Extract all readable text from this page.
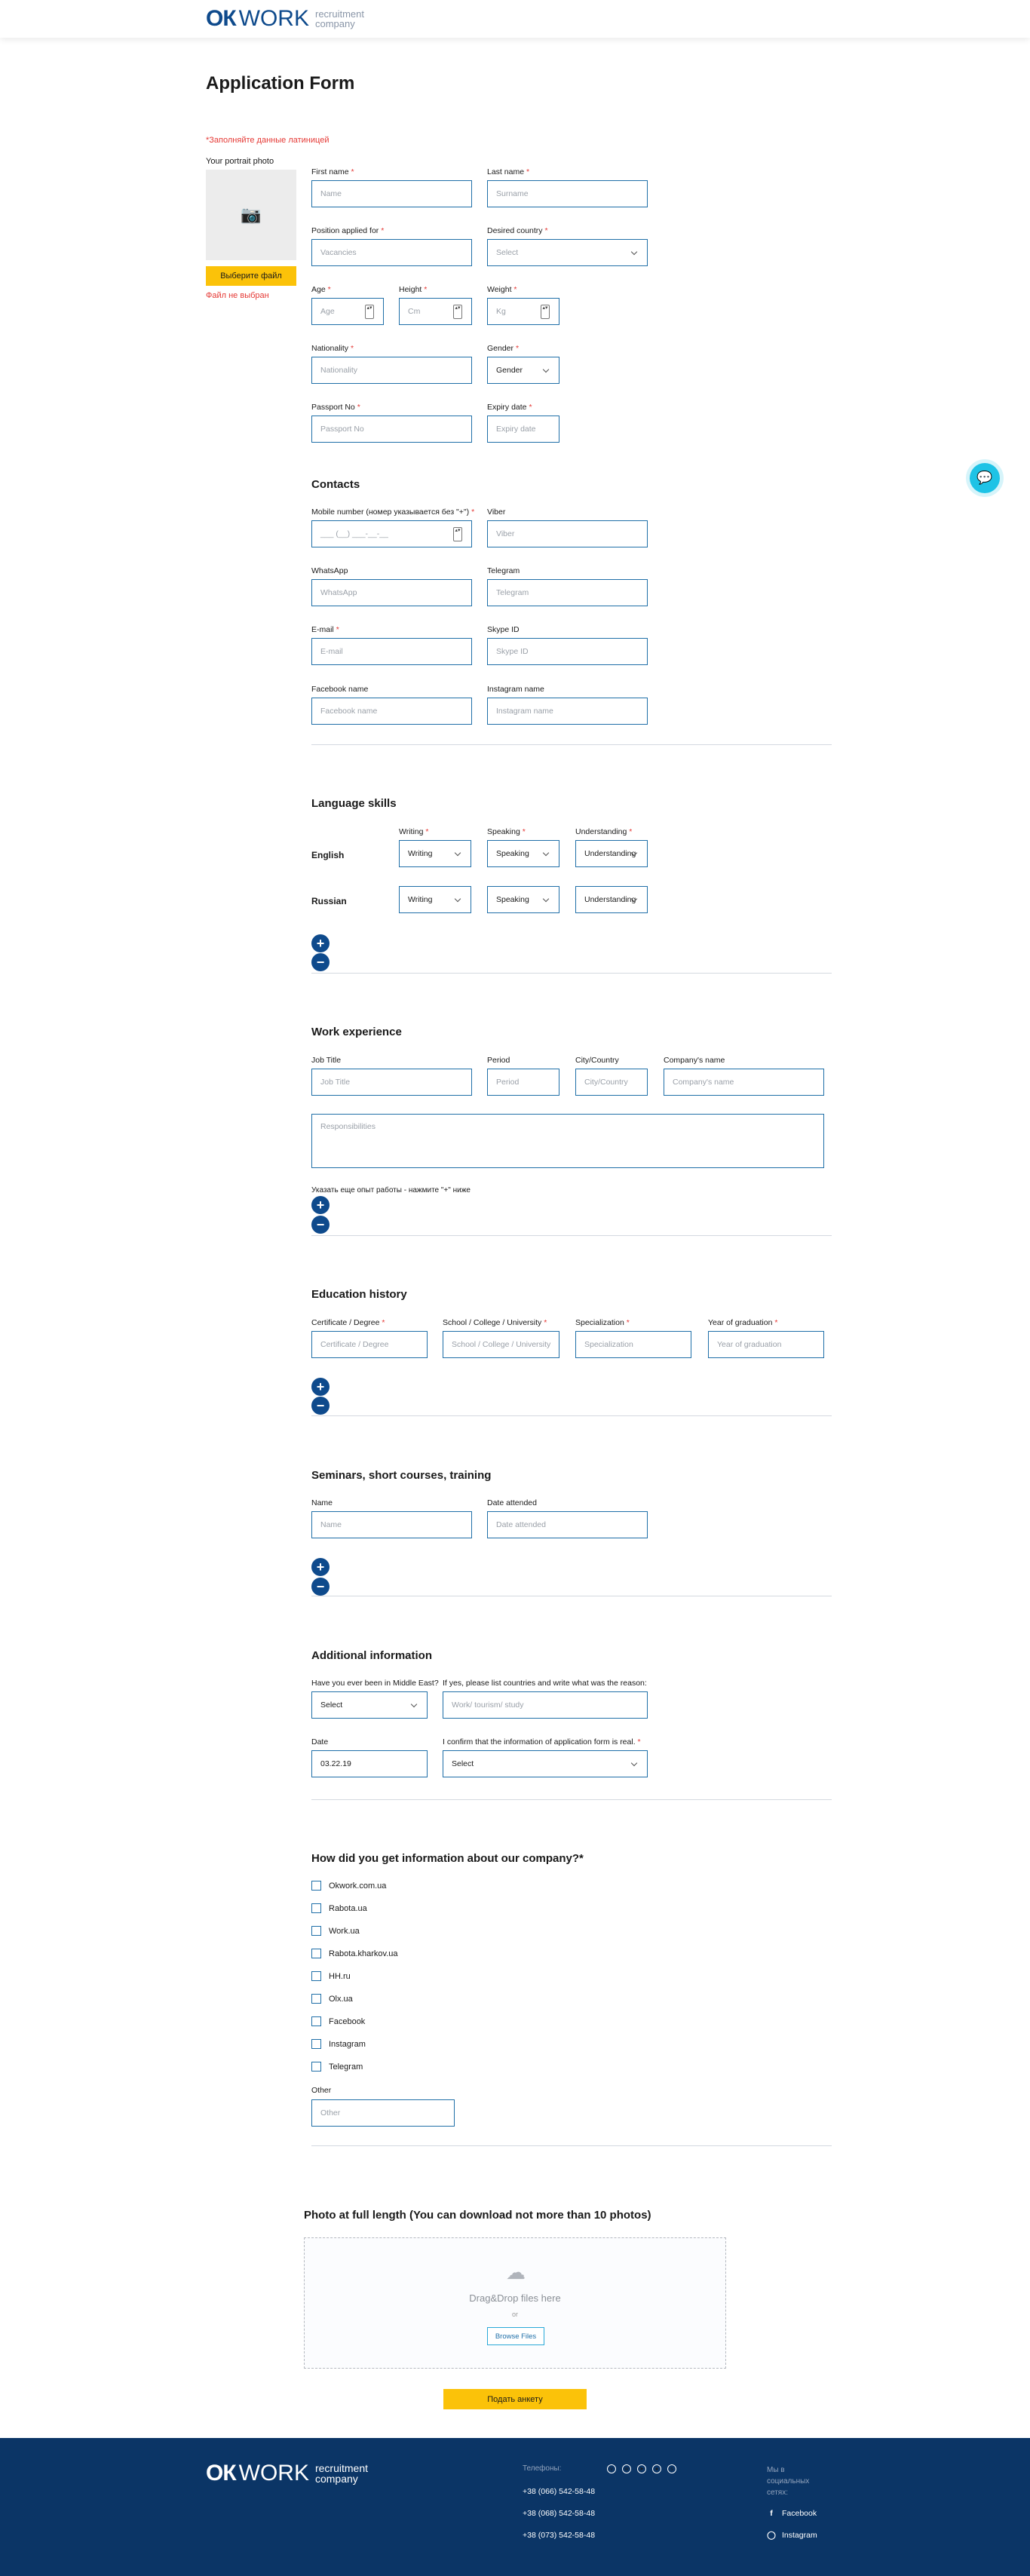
ОК WORK recruitment
company
Application Form
*Заполняйте данные латиницей
Your portrait photo
📷
Выберите файл
Файл не выбран
First name *
Name
Last name *
Surname
Position applied for *
Vacancies
Desired country *
Select
Age *
Age ▴▾
Height *
Cm ▴▾
Weight *
Kg ▴▾
Nationality *
Nationality
Gender *
Gender
Passport No *
Passport No
Expiry date *
Expiry date
Contacts
Mobile number (номер указывается без "+") *
___ (__) ___-__-__ ▴▾
Viber
Viber
WhatsApp
WhatsApp
Telegram
Telegram
E-mail *
E-mail
Skype ID
Skype ID
Facebook name
Facebook name
Instagram name
Instagram name
Language skills
Writing *	Speaking *	Understanding *
English	Writing	Speaking	Understanding
Russian	Writing	Speaking	Understanding
+
−
Work experience
Job Title
Job Title
Period
Period
City/Country
City/Country
Company's name
Company's name
Responsibilities
Указать еще опыт работы - нажмите "+" ниже
+
−
Education history
Certificate / Degree *
Certificate / Degree
School / College / University *
School / College / University
Specialization *
Specialization
Year of graduation *
Year of graduation
+
−
Seminars, short courses, training
Name
Name
Date attended
Date attended
+
−
Additional information
Have you ever been in Middle East?
Select
If yes, please list countries and write what was the reason:
Work/ tourism/ study
Date
03.22.19
I confirm that the information of application form is real. *
Select
How did you get information about our company?*
Okwork.com.ua
Rabota.ua
Work.ua
Rabota.kharkov.ua
HH.ru
Olx.ua
Facebook
Instagram
Telegram
Other
Other
Photo at full length (You can download not more than 10 photos)
☁
Drag&Drop files here
or
Browse Files
Подать анкету
💬
ОК WORK recruitment
company
Телефоны:
+38 (066) 542-58-48
+38 (068) 542-58-48
+38 (073) 542-58-48
Мы в социальных сетях:
f	Facebook
◯ Instagram
v	w	➤	●	s
